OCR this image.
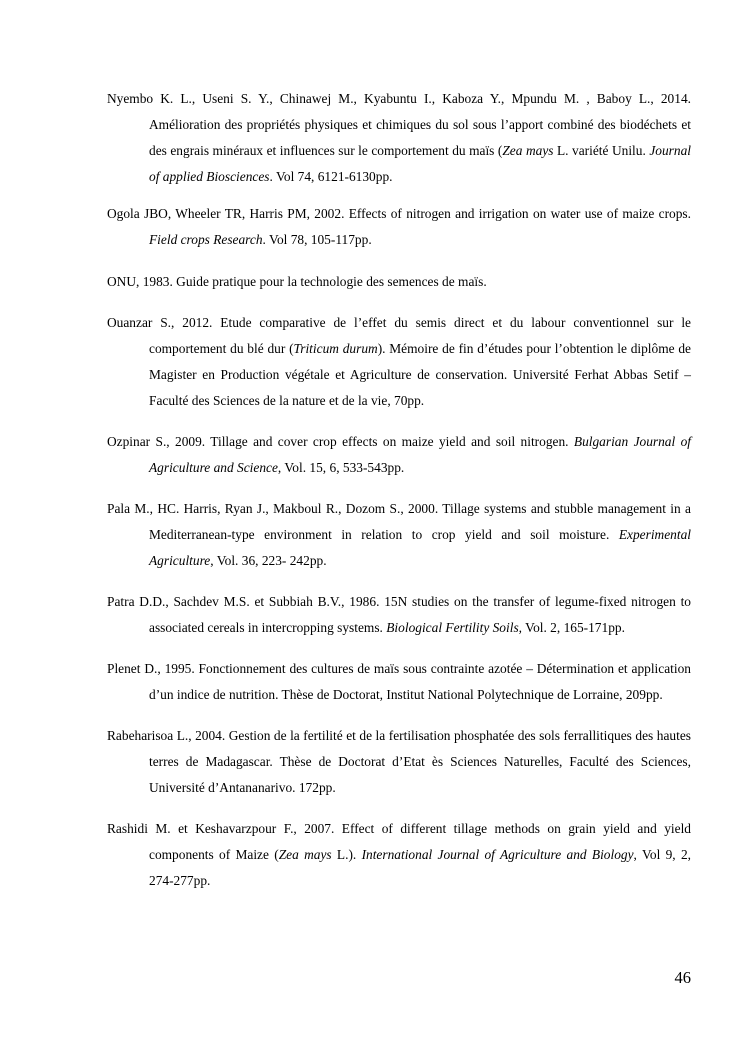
Nyembo K. L., Useni S. Y., Chinawej M., Kyabuntu I., Kaboza Y., Mpundu M. , Baboy L., 2014. Amélioration des propriétés physiques et chimiques du sol sous l’apport combiné des biodéchets et des engrais minéraux et influences sur le comportement du maïs (Zea mays L. variété Unilu. Journal of applied Biosciences. Vol 74, 6121-6130pp.

Ogola JBO, Wheeler TR, Harris PM, 2002. Effects of nitrogen and irrigation on water use of maize crops. Field crops Research. Vol 78, 105-117pp.

ONU, 1983. Guide pratique pour la technologie des semences de maïs.

Ouanzar S., 2012. Etude comparative de l’effet du semis direct et du labour conventionnel sur le comportement du blé dur (Triticum durum). Mémoire de fin d’études pour l’obtention le diplôme de Magister en Production végétale et Agriculture de conservation. Université Ferhat Abbas Setif – Faculté des Sciences de la nature et de la vie, 70pp.

Ozpinar S., 2009. Tillage and cover crop effects on maize yield and soil nitrogen. Bulgarian Journal of Agriculture and Science, Vol. 15, 6, 533-543pp.

Pala M., HC. Harris, Ryan J., Makboul R., Dozom S., 2000. Tillage systems and stubble management in a Mediterranean-type environment in relation to crop yield and soil moisture. Experimental Agriculture, Vol. 36, 223- 242pp.

Patra D.D., Sachdev M.S. et Subbiah B.V., 1986. 15N studies on the transfer of legume-fixed nitrogen to associated cereals in intercropping systems. Biological Fertility Soils, Vol. 2, 165-171pp.

Plenet D., 1995. Fonctionnement des cultures de maïs sous contrainte azotée – Détermination et application d’un indice de nutrition. Thèse de Doctorat, Institut National Polytechnique de Lorraine, 209pp.

Rabeharisoa L., 2004. Gestion de la fertilité et de la fertilisation phosphatée des sols ferrallitiques des hautes terres de Madagascar. Thèse de Doctorat d’Etat ès Sciences Naturelles, Faculté des Sciences, Université d’Antananarivo. 172pp.

Rashidi M. et Keshavarzpour F., 2007. Effect of different tillage methods on grain yield and yield components of Maize (Zea mays L.). International Journal of Agriculture and Biology, Vol 9, 2, 274-277pp.

46
